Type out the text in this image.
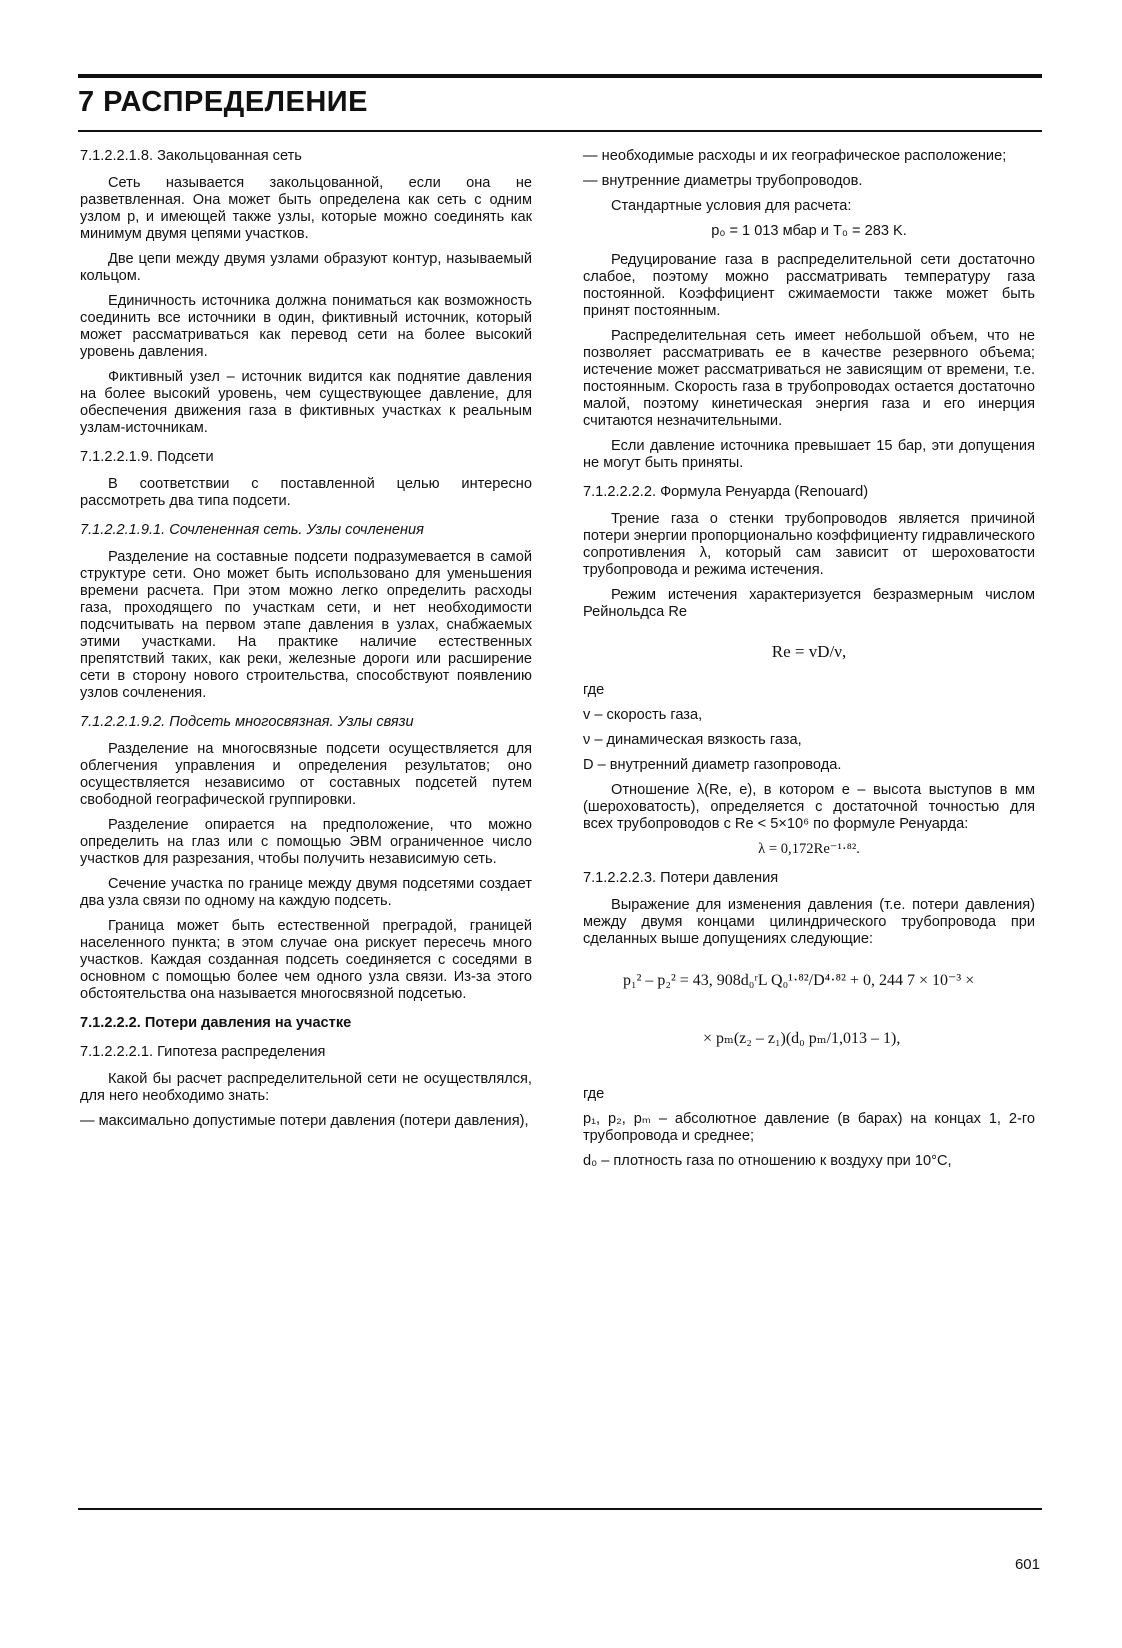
7 РАСПРЕДЕЛЕНИЕ

7.1.2.2.1.8. Закольцованная сеть

Сеть называется закольцованной, если она не разветвленная. Она может быть определена как сеть с одним узлом p, и имеющей также узлы, которые можно соединять как минимум двумя цепями участков.

Две цепи между двумя узлами образуют контур, называемый кольцом.

Единичность источника должна пониматься как возможность соединить все источники в один, фиктивный источник, который может рассматриваться как перевод сети на более высокий уровень давления.

Фиктивный узел – источник видится как поднятие давления на более высокий уровень, чем существующее давление, для обеспечения движения газа в фиктивных участках к реальным узлам-источникам.

7.1.2.2.1.9. Подсети

В соответствии с поставленной целью интересно рассмотреть два типа подсети.

7.1.2.2.1.9.1. Сочлененная сеть. Узлы сочленения

Разделение на составные подсети подразумевается в самой структуре сети. Оно может быть использовано для уменьшения времени расчета. При этом можно легко определить расходы газа, проходящего по участкам сети, и нет необходимости подсчитывать на первом этапе давления в узлах, снабжаемых этими участками. На практике наличие естественных препятствий таких, как реки, железные дороги или расширение сети в сторону нового строительства, способствуют появлению узлов сочленения.

7.1.2.2.1.9.2. Подсеть многосвязная. Узлы связи

Разделение на многосвязные подсети осуществляется для облегчения управления и определения результатов; оно осуществляется независимо от составных подсетей путем свободной географической группировки.

Разделение опирается на предположение, что можно определить на глаз или с помощью ЭВМ ограниченное число участков для разрезания, чтобы получить независимую сеть.

Сечение участка по границе между двумя подсетями создает два узла связи по одному на каждую подсеть.

Граница может быть естественной преградой, границей населенного пункта; в этом случае она рискует пересечь много участков. Каждая созданная подсеть соединяется с соседями в основном с помощью более чем одного узла связи. Из-за этого обстоятельства она называется многосвязной подсетью.

7.1.2.2.2. Потери давления на участке

7.1.2.2.2.1. Гипотеза распределения

Какой бы расчет распределительной сети не осуществлялся, для него необходимо знать:

— максимально допустимые потери давления (потери давления),

— необходимые расходы и их географическое расположение;

— внутренние диаметры трубопроводов.

Стандартные условия для расчета:

p₀ = 1 013 мбар и T₀ = 283 K.

Редуцирование газа в распределительной сети достаточно слабое, поэтому можно рассматривать температуру газа постоянной. Коэффициент сжимаемости также может быть принят постоянным.

Распределительная сеть имеет небольшой объем, что не позволяет рассматривать ее в качестве резервного объема; истечение может рассматриваться не зависящим от времени, т.е. постоянным. Скорость газа в трубопроводах остается достаточно малой, поэтому кинетическая энергия газа и его инерция считаются незначительными.

Если давление источника превышает 15 бар, эти допущения не могут быть приняты.

7.1.2.2.2.2. Формула Ренуарда (Renouard)

Трение газа о стенки трубопроводов является причиной потери энергии пропорционально коэффициенту гидравлического сопротивления λ, который сам зависит от шероховатости трубопровода и режима истечения.

Режим истечения характеризуется безразмерным числом Рейнольдса Re

Re = vD/ν,

где

v – скорость газа,

ν – динамическая вязкость газа,

D – внутренний диаметр газопровода.

Отношение λ(Re, e), в котором e – высота выступов в мм (шероховатость), определяется с достаточной точностью для всех трубопроводов с Re < 5×10⁶ по формуле Ренуарда:

λ = 0,172Re⁻¹·⁸².

7.1.2.2.2.3. Потери давления

Выражение для изменения давления (т.е. потери давления) между двумя концами цилиндрического трубопровода при сделанных выше допущениях следующие:

p₁² – p₂² = 43, 908d₀ʳL Q₀¹·⁸²/D⁴·⁸² + 0, 244 7 × 10⁻³ ×
× pₘ(z₂ – z₁)(d₀ pₘ/1,013 – 1),

где

p₁, p₂, pₘ – абсолютное давление (в барах) на концах 1, 2-го трубопровода и среднее;

d₀ – плотность газа по отношению к воздуху при 10°C,

601
